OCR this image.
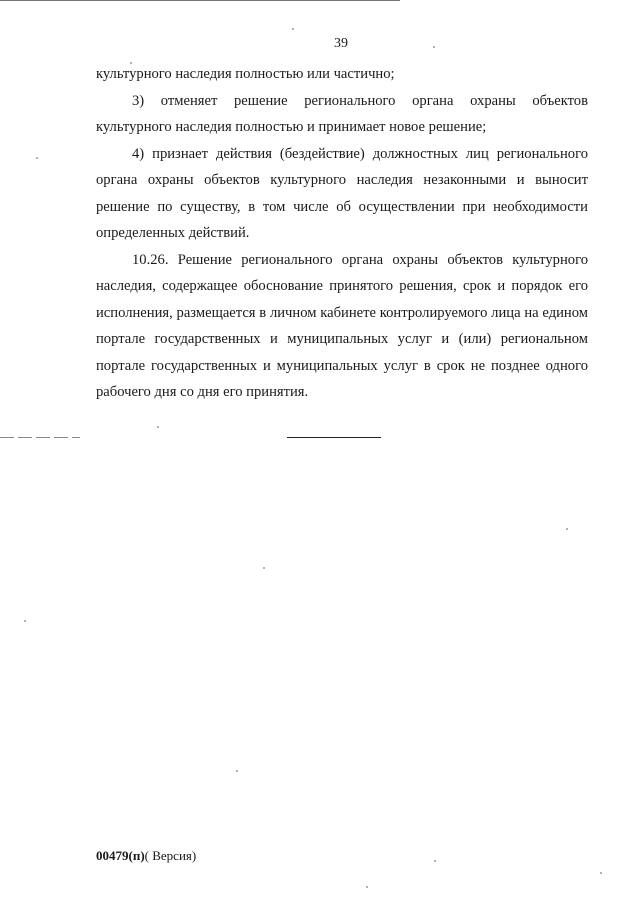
39

культурного наследия полностью или частично;

3) отменяет решение регионального органа охраны объектов культурного наследия полностью и принимает новое решение;

4) признает действия (бездействие) должностных лиц регионального органа охраны объектов культурного наследия незаконными и выносит решение по существу, в том числе об осуществлении при необходимости определенных действий.

10.26. Решение регионального органа охраны объектов культурного наследия, содержащее обоснование принятого решения, срок и порядок его исполнения, размещается в личном кабинете контролируемого лица на едином портале государственных и муниципальных услуг и (или) региональном портале государственных и муниципальных услуг в срок не позднее одного рабочего дня со дня его принятия.

00479(п)( Версия)
